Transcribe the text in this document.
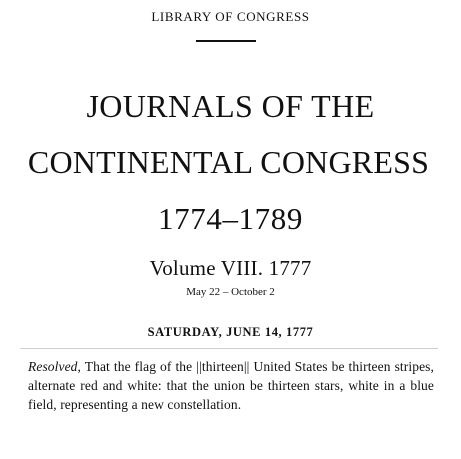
LIBRARY OF CONGRESS
JOURNALS OF THE
CONTINENTAL CONGRESS
1774–1789
Volume VIII. 1777
May 22 – October 2
SATURDAY, JUNE 14, 1777
Resolved, That the flag of the ||thirteen|| United States be thirteen stripes, alternate red and white: that the union be thirteen stars, white in a blue field, representing a new constellation.
